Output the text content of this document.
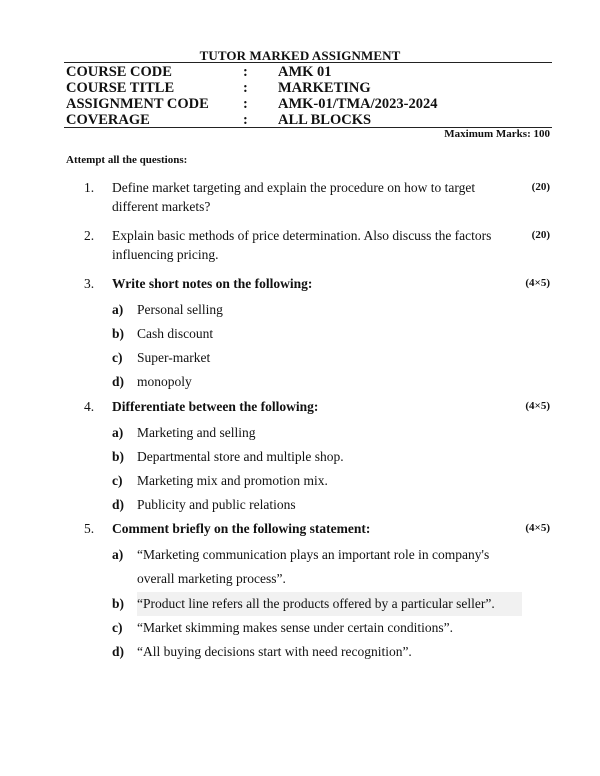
TUTOR MARKED ASSIGNMENT
COURSE CODE	: AMK 01
COURSE TITLE	: MARKETING
ASSIGNMENT CODE : AMK-01/TMA/2023-2024
COVERAGE	: ALL BLOCKS
Maximum Marks: 100
Attempt all the questions:
1. Define market targeting and explain the procedure on how to target different markets?
(20)
2. Explain basic methods of price determination. Also discuss the factors influencing pricing.
(20)
3. Write short notes on the following:	(4×5)
a) Personal selling
b) Cash discount
c) Super-market
d) monopoly
4. Differentiate between the following:	(4×5)
a) Marketing and selling
b) Departmental store and multiple shop.
c) Marketing mix and promotion mix.
d) Publicity and public relations
5. Comment briefly on the following statement:	(4×5)
a) “Marketing communication plays an important role in company's overall marketing process”.
b) “Product line refers all the products offered by a particular seller”.
c) “Market skimming makes sense under certain conditions”.
d) “All buying decisions start with need recognition”.
